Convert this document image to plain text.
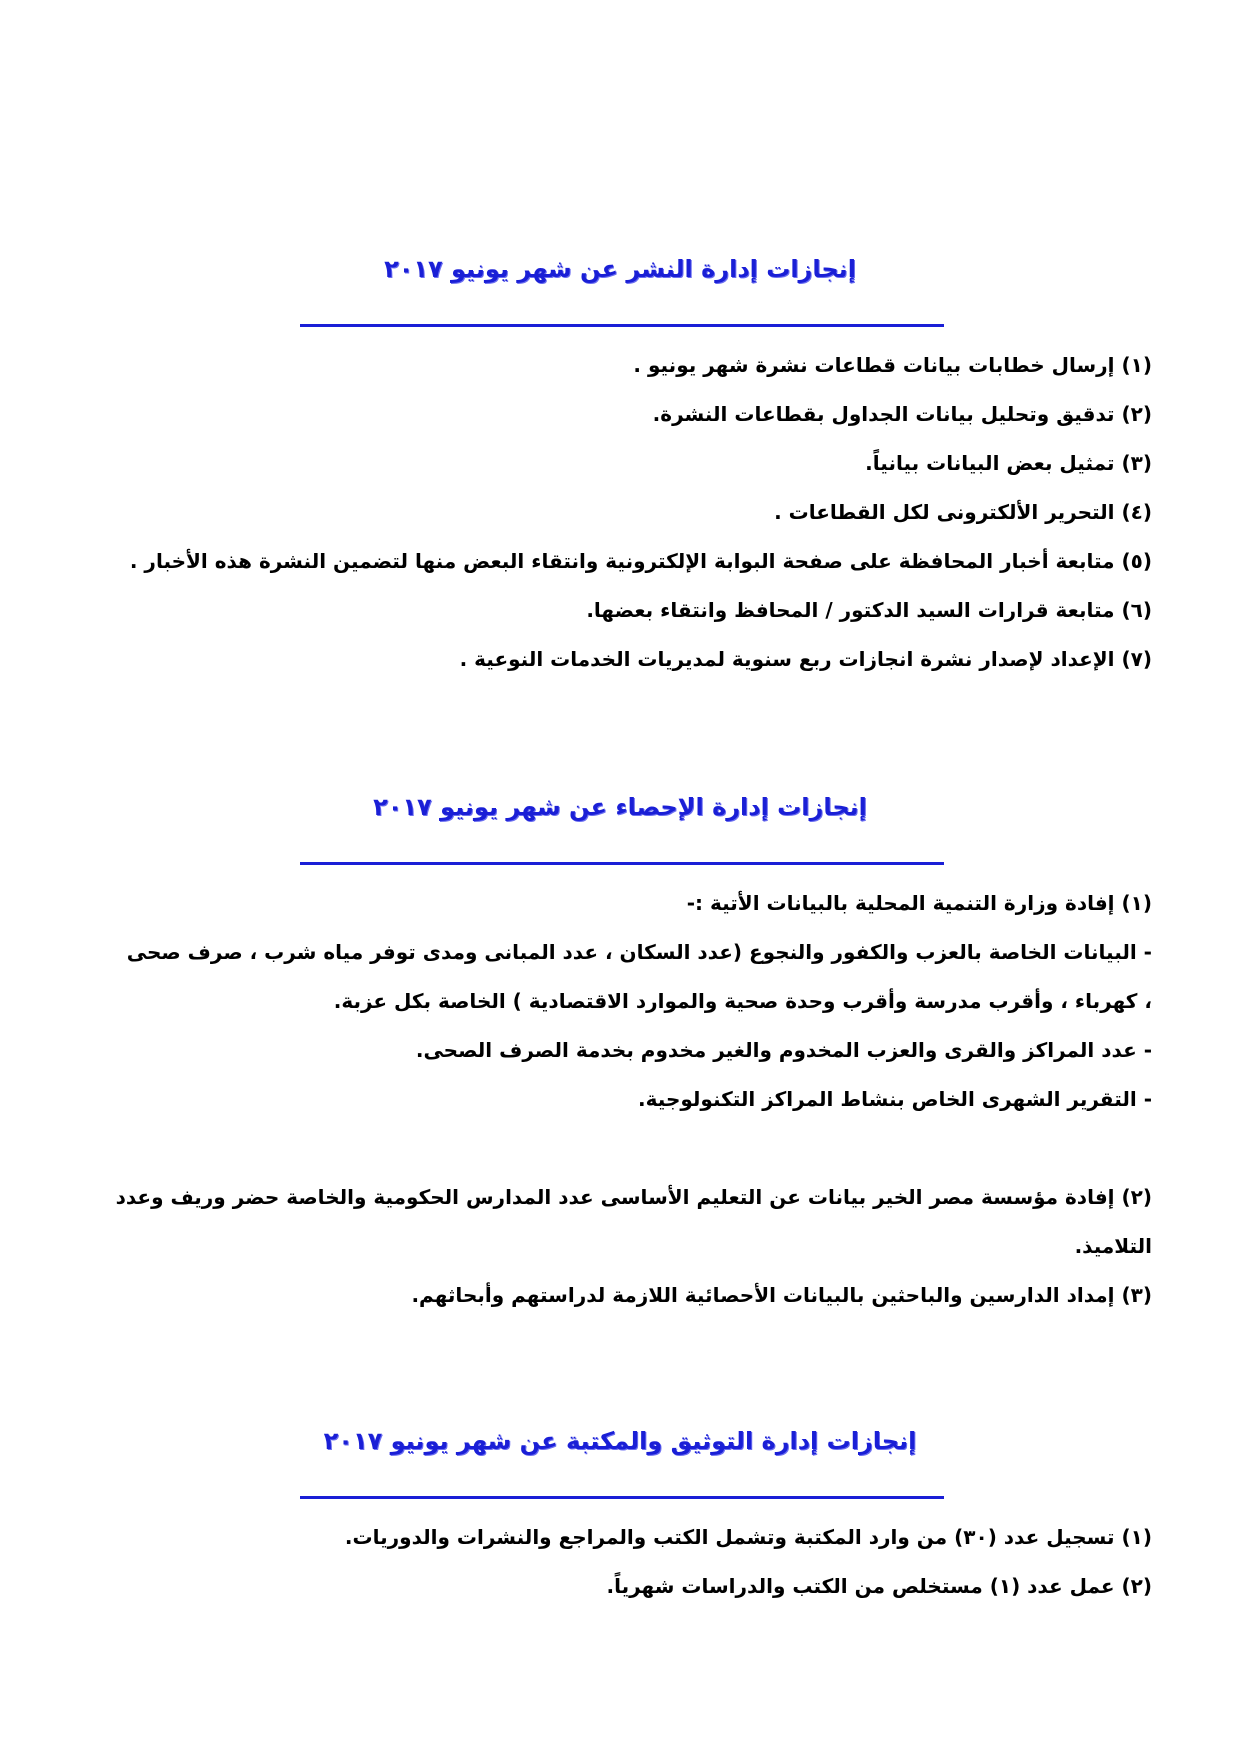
إنجازات إدارة النشر عن شهر يونيو ٢٠١٧
(١) إرسال خطابات بيانات قطاعات نشرة شهر يونيو .
(٢) تدقيق وتحليل بيانات الجداول بقطاعات النشرة.
(٣) تمثيل بعض البيانات بيانياً.
(٤) التحرير الألكترونى لكل القطاعات .
(٥) متابعة أخبار المحافظة على صفحة البوابة الإلكترونية وانتقاء البعض منها لتضمين النشرة هذه الأخبار .
(٦) متابعة قرارات السيد الدكتور / المحافظ وانتقاء بعضها.
(٧) الإعداد لإصدار نشرة انجازات ربع سنوية لمديريات الخدمات النوعية .
إنجازات إدارة الإحصاء عن شهر يونيو ٢٠١٧
(١) إفادة وزارة التنمية المحلية بالبيانات الأتية :-
- البيانات الخاصة بالعزب والكفور والنجوع (عدد السكان ، عدد المبانى ومدى توفر مياه شرب ، صرف صحى
، كهرباء ، وأقرب مدرسة وأقرب وحدة صحية والموارد الاقتصادية ) الخاصة بكل عزبة.
- عدد المراكز والقرى والعزب المخدوم والغير مخدوم بخدمة الصرف الصحى.
- التقرير الشهرى الخاص بنشاط المراكز التكنولوجية.
(٢) إفادة مؤسسة مصر الخير بيانات عن التعليم الأساسى عدد المدارس الحكومية والخاصة حضر وريف وعدد
التلاميذ.
(٣) إمداد الدارسين والباحثين بالبيانات الأحصائية اللازمة لدراستهم وأبحاثهم.
إنجازات إدارة التوثيق والمكتبة عن شهر يونيو ٢٠١٧
(١) تسجيل عدد (٣٠) من وارد المكتبة وتشمل الكتب والمراجع والنشرات والدوريات.
(٢) عمل عدد (١) مستخلص من الكتب والدراسات شهرياً.
